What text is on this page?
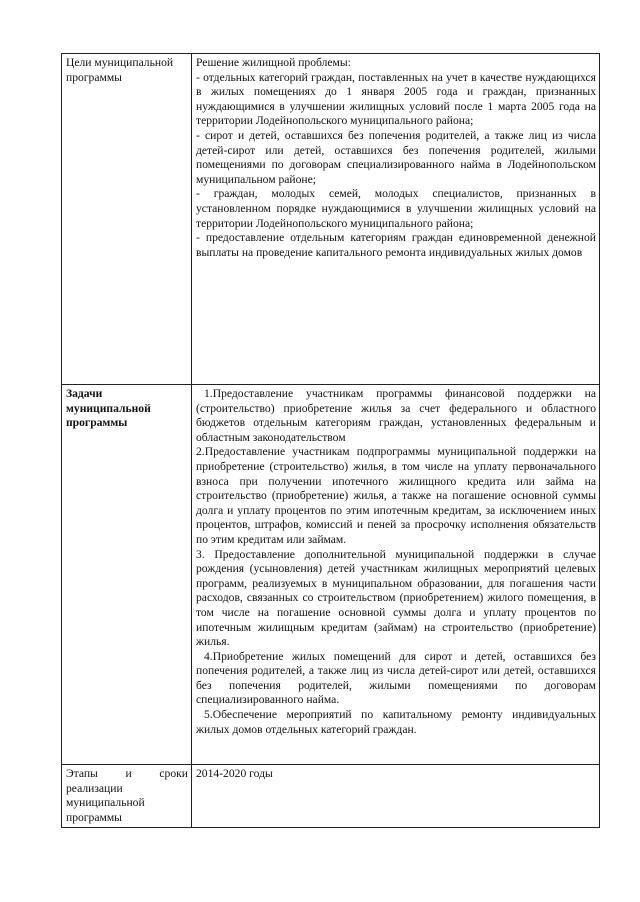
Цели муниципальной программы	Решение жилищной проблемы:

- отдельных категорий граждан, поставленных на учет в качестве нуждающихся в жилых помещениях до 1 января 2005 года и граждан, признанных нуждающимися в улучшении жилищных условий после 1 марта 2005 года на территории Лодейнопольского муниципального района;

- сирот и детей, оставшихся без попечения родителей, а также лиц из числа детей-сирот или детей, оставшихся без попечения родителей, жилыми помещениями по договорам специализированного найма в Лодейнопольском муниципальном районе;

- граждан, молодых семей, молодых специалистов, признанных в установленном порядке нуждающимися в улучшении жилищных условий на территории Лодейнопольского муниципального района;

- предоставление отдельным категориям граждан единовременной денежной выплаты на проведение капитального ремонта индивидуальных жилых домов

Задачи муниципальной программы	1.Предоставление участникам программы финансовой поддержки на (строительство) приобретение жилья за счет федерального и областного бюджетов отдельным категориям граждан, установленных федеральным и областным законодательством

2.Предоставление участникам подпрограммы муниципальной поддержки на приобретение (строительство) жилья, в том числе на уплату первоначального взноса при получении ипотечного жилищного кредита или займа на строительство (приобретение) жилья, а также на погашение основной суммы долга и уплату процентов по этим ипотечным кредитам, за исключением иных процентов, штрафов, комиссий и пеней за просрочку исполнения обязательств по этим кредитам или займам.

3. Предоставление дополнительной муниципальной поддержки в случае рождения (усыновления) детей участникам жилищных мероприятий целевых программ, реализуемых в муниципальном образовании, для погашения части расходов, связанных со строительством (приобретением) жилого помещения, в том числе на погашение основной суммы долга и уплату процентов по ипотечным жилищным кредитам (займам) на строительство (приобретение) жилья.

4.Приобретение жилых помещений для сирот и детей, оставшихся без попечения родителей, а также лиц из числа детей-сирот или детей, оставшихся без попечения родителей, жилыми помещениями по договорам специализированного найма.

5.Обеспечение мероприятий по капитальному ремонту индивидуальных жилых домов отдельных категорий граждан.

Этапы и сроки реализации муниципальной программы	2014-2020 годы
